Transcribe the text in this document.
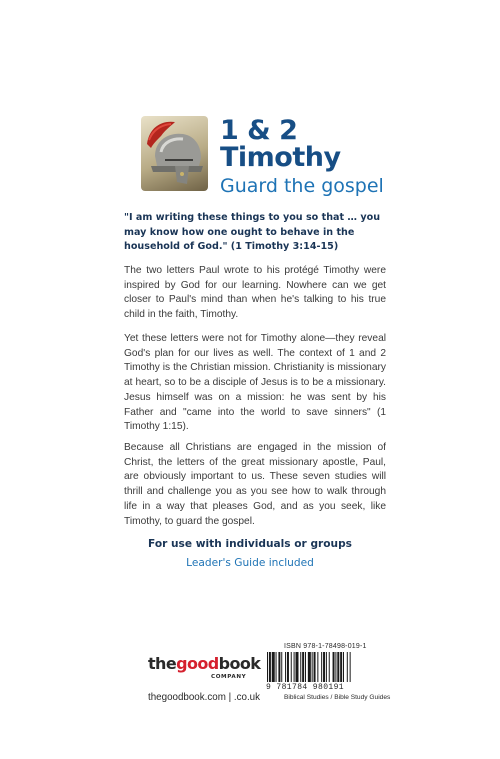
1 & 2
Timothy
Guard the gospel
"I am writing these things to you so that … you may know how one ought to behave in the household of God." (1 Timothy 3:14-15)
The two letters Paul wrote to his protégé Timothy were inspired by God for our learning. Nowhere can we get closer to Paul's mind than when he's talking to his true child in the faith, Timothy.
Yet these letters were not for Timothy alone—they reveal God's plan for our lives as well. The context of 1 and 2 Timothy is the Christian mission. Christianity is missionary at heart, so to be a disciple of Jesus is to be a missionary. Jesus himself was on a mission: he was sent by his Father and "came into the world to save sinners" (1 Timothy 1:15).
Because all Christians are engaged in the mission of Christ, the letters of the great missionary apostle, Paul, are obviously important to us. These seven studies will thrill and challenge you as you see how to walk through life in a way that pleases God, and as you seek, like Timothy, to guard the gospel.
For use with individuals or groups
Leader's Guide included
thegoodbook
COMPANY
thegoodbook.com | .co.uk
ISBN 978-1-78498-019-1
9 781784 980191
Biblical Studies / Bible Study Guides
